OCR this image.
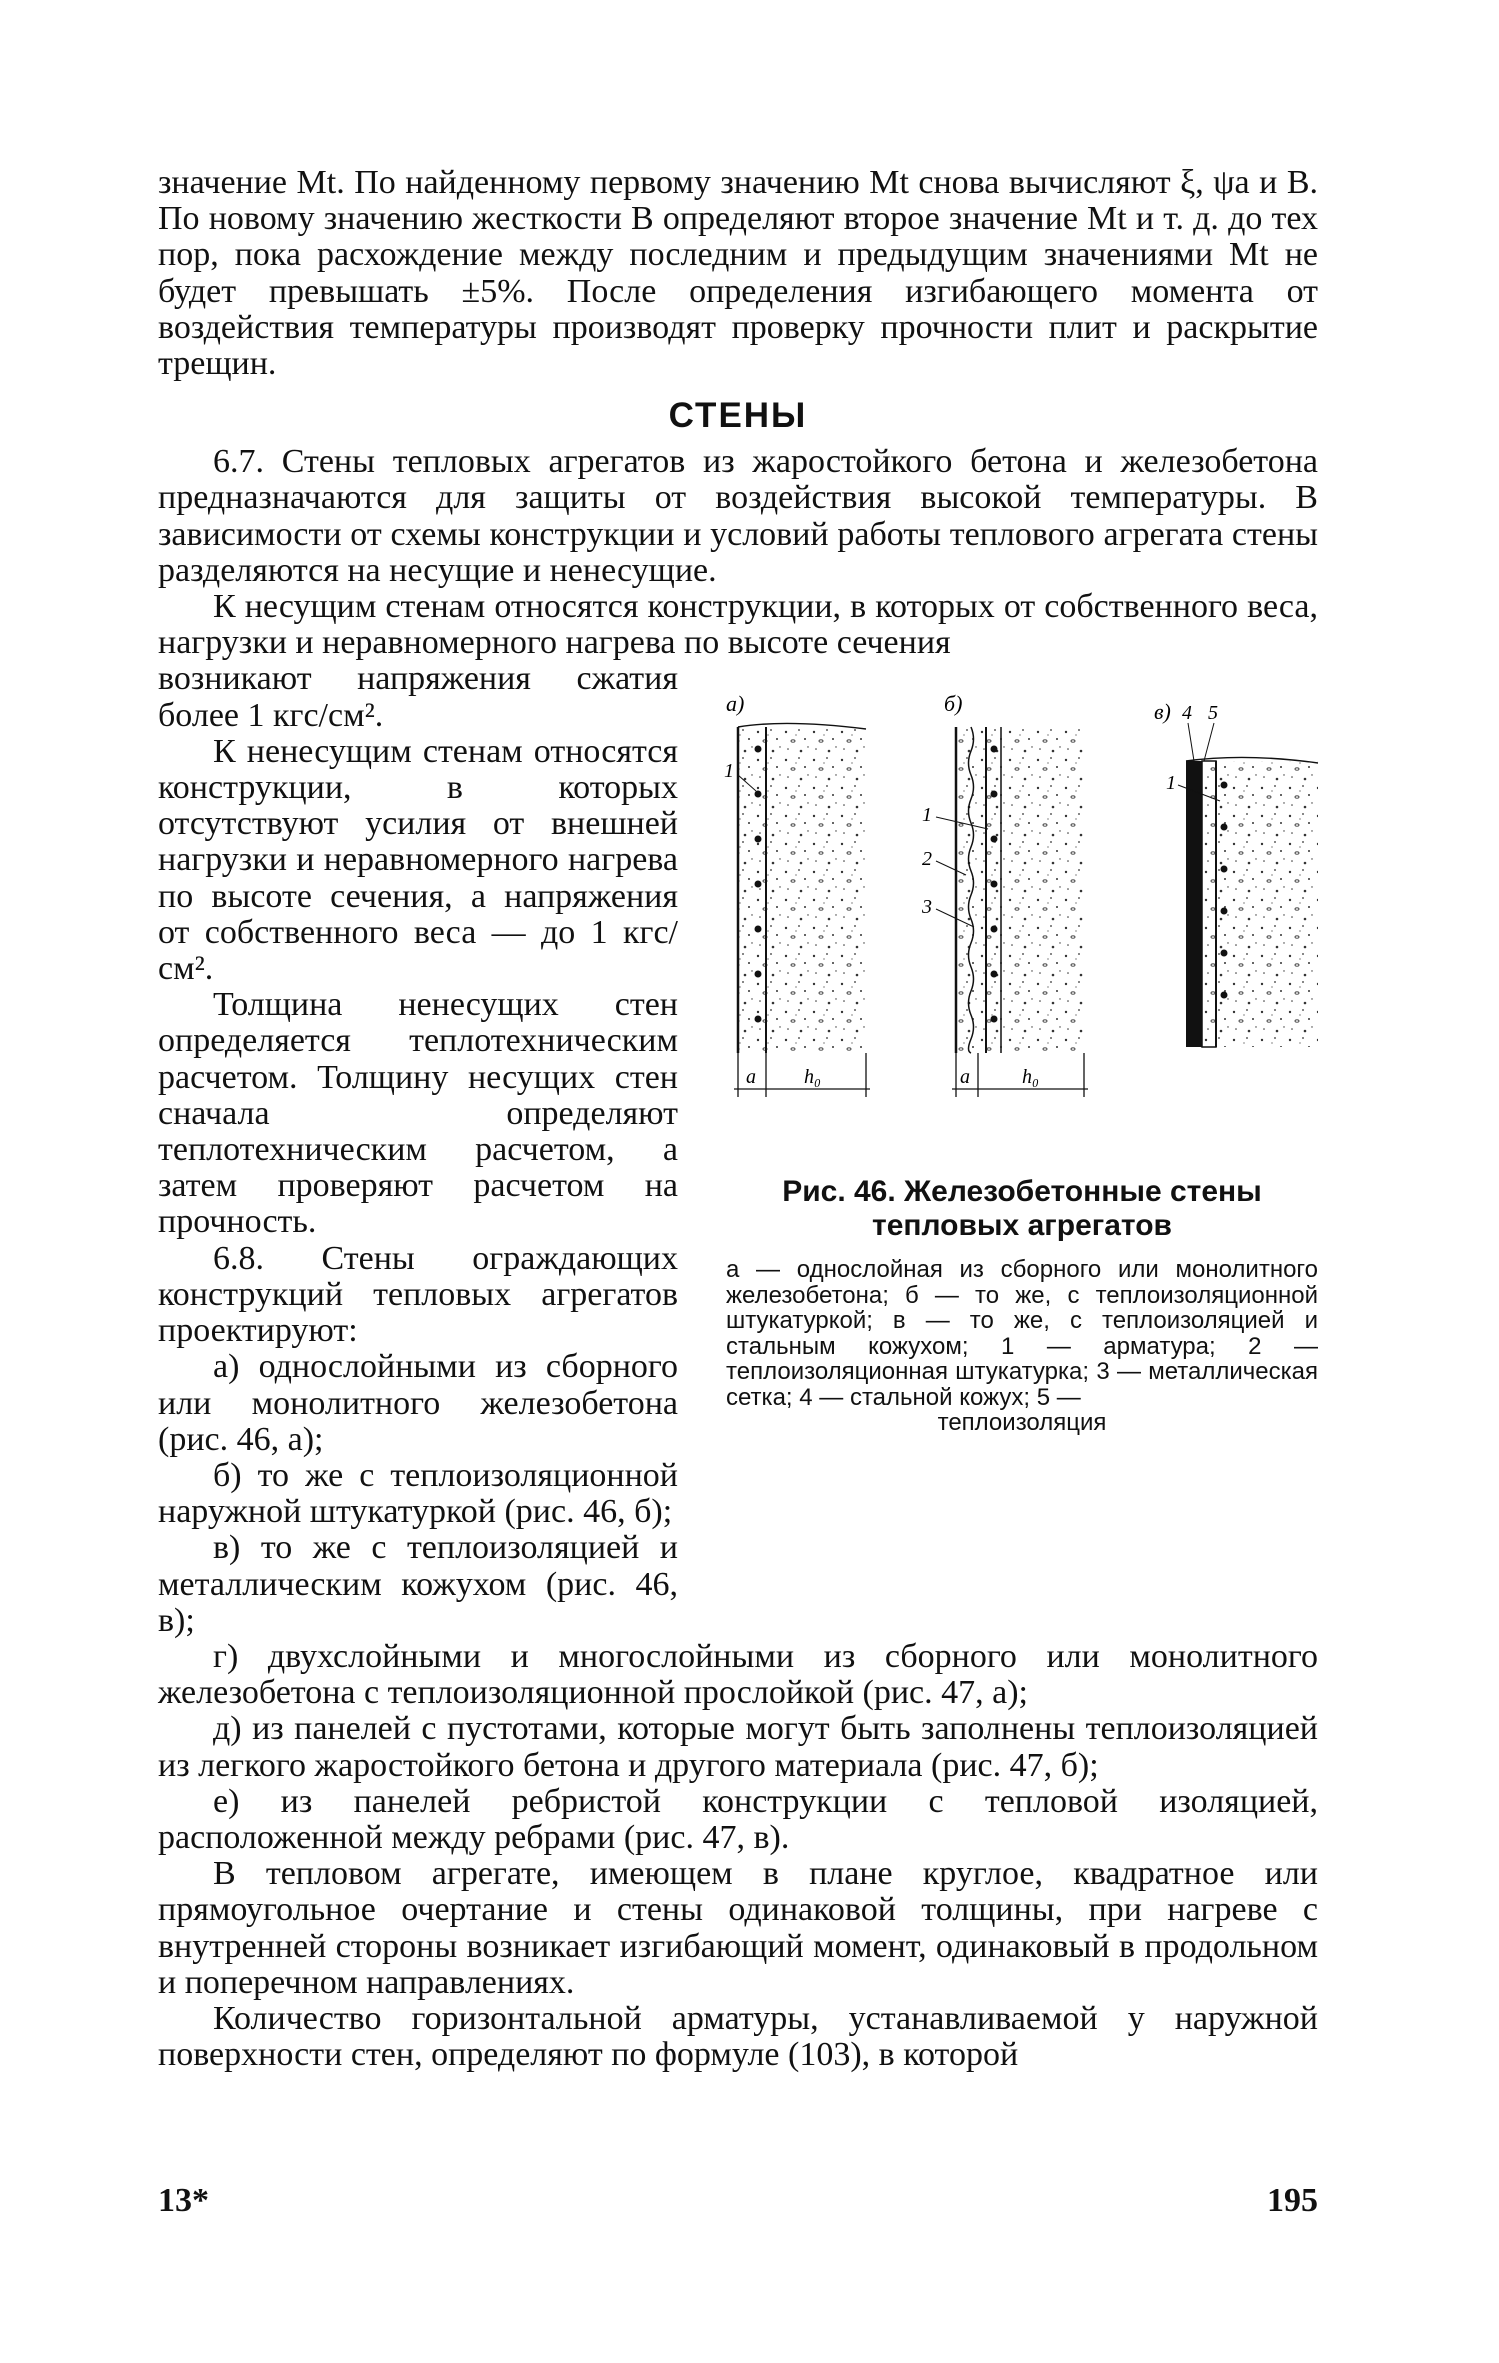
значение Mt. По найденному первому значению Mt снова вычисляют ξ, ψa и B. По новому значению жесткости B определяют второе значение Mt и т. д. до тех пор, пока расхождение между последним и предыдущим значениями Mt не будет превышать ±5%. После определения изгибающего момента от воздействия температуры производят проверку прочности плит и раскрытие трещин.

СТЕНЫ

6.7. Стены тепловых агрегатов из жаростойкого бетона и железобетона предназначаются для защиты от воздействия высокой температуры. В зависимости от схемы конструкции и условий работы теплового агрегата стены разделяются на несущие и ненесущие.

К несущим стенам относятся конструкции, в которых от собственного веса, нагрузки и неравномерного нагрева по высоте сечения

возникают напряжения сжатия более 1 кгс/см².

К ненесущим стенам относятся конструкции, в которых отсутствуют усилия от внешней нагрузки и неравномерного нагрева по высоте сечения, а напряжения от собственного веса — до 1 кгс/см².

Толщина ненесущих стен определяется теплотехническим расчетом. Толщину несущих стен сначала определяют теплотехническим расчетом, а затем проверяют расчетом на прочность.

6.8. Стены ограждающих конструкций тепловых агрегатов проектируют:

а) однослойными из сборного или монолитного железобетона (рис. 46, а);

б) то же с теплоизоляционной наружной штукатуркой (рис. 46, б);

в) то же с теплоизоляцией и металлическим кожухом (рис. 46, в);

а)
a h₀
1
б)
a	h₀
1
2
3
в) 4 5
1
Рис. 46. Железобетонные стены тепловых агрегатов
а — однослойная из сборного или монолитного железобетона; б — то же, с теплоизоляционной штукатуркой; в — то же, с теплоизоляцией и стальным кожухом; 1 — арматура; 2 — теплоизоляционная штукатурка; 3 — металлическая сетка; 4 — стальной кожух; 5 —
теплоизоляция

г) двухслойными и многослойными из сборного или монолитного железобетона с теплоизоляционной прослойкой (рис. 47, а);

д) из панелей с пустотами, которые могут быть заполнены теплоизоляцией из легкого жаростойкого бетона и другого материала (рис. 47, б);

е) из панелей ребристой конструкции с тепловой изоляцией, расположенной между ребрами (рис. 47, в).

В тепловом агрегате, имеющем в плане круглое, квадратное или прямоугольное очертание и стены одинаковой толщины, при нагреве с внутренней стороны возникает изгибающий момент, одинаковый в продольном и поперечном направлениях.

Количество горизонтальной арматуры, устанавливаемой у наружной поверхности стен, определяют по формуле (103), в которой

13*	195
